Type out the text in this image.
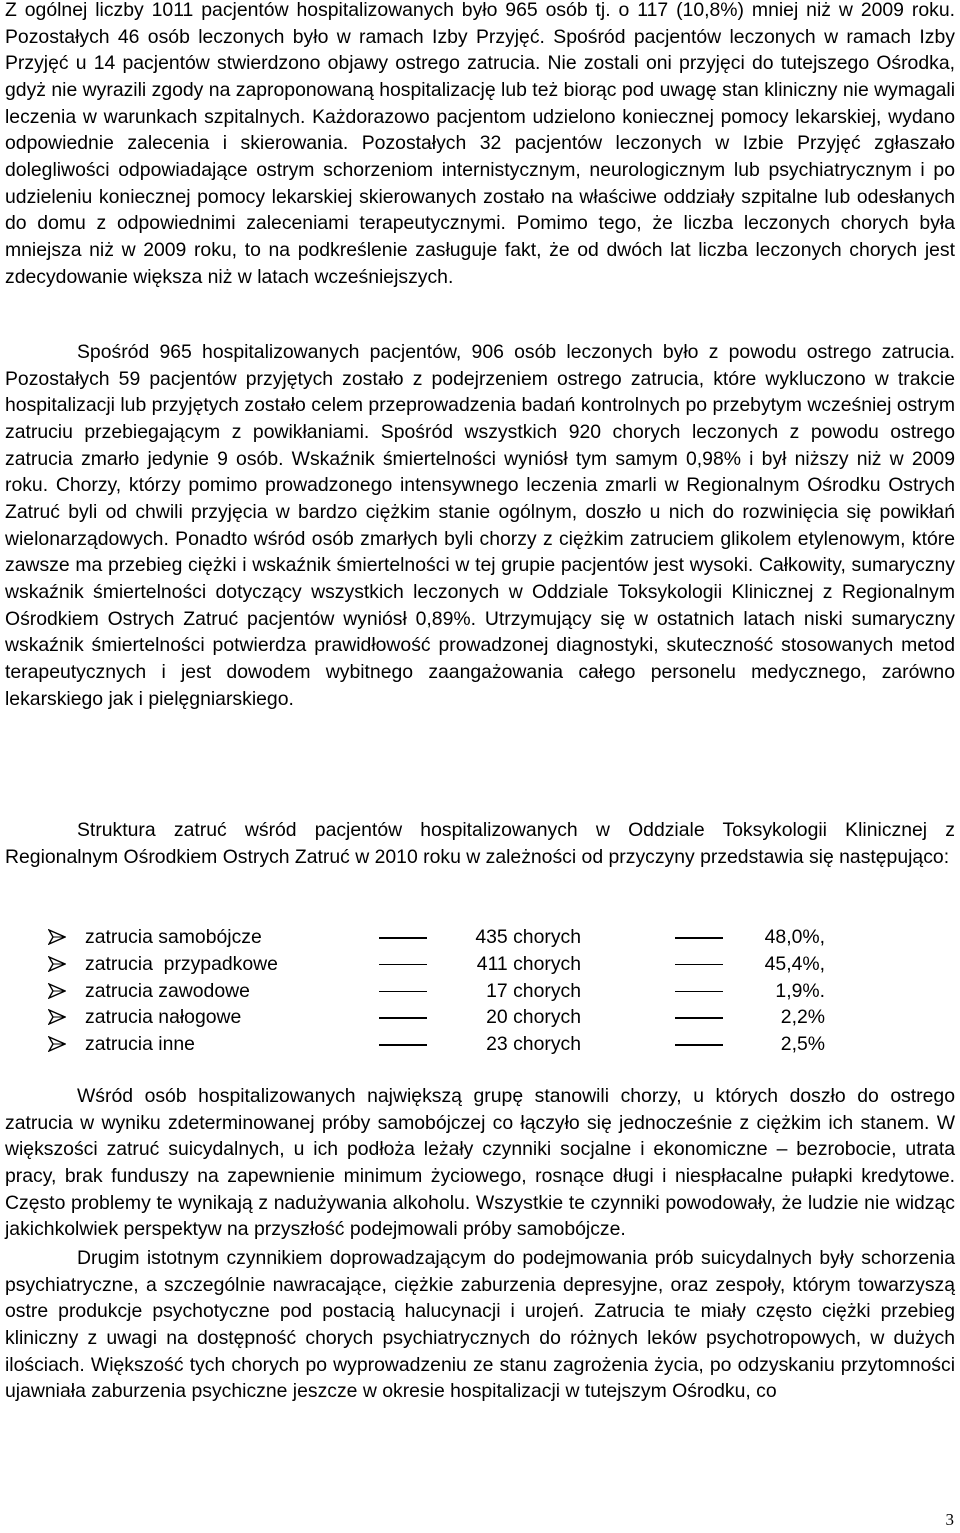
Z ogólnej liczby 1011 pacjentów hospitalizowanych było 965 osób tj. o 117 (10,8%) mniej niż w 2009 roku. Pozostałych 46 osób leczonych było w ramach Izby Przyjęć. Spośród pacjentów leczonych w ramach Izby Przyjęć u 14 pacjentów stwierdzono objawy ostrego zatrucia. Nie zostali oni przyjęci do tutejszego Ośrodka, gdyż nie wyrazili zgody na zaproponowaną hospitalizację lub też biorąc pod uwagę stan kliniczny nie wymagali leczenia w warunkach szpitalnych. Każdorazowo pacjentom udzielono koniecznej pomocy lekarskiej, wydano odpowiednie zalecenia i skierowania. Pozostałych 32 pacjentów leczonych w Izbie Przyjęć zgłaszało dolegliwości odpowiadające ostrym schorzeniom internistycznym, neurologicznym lub psychiatrycznym i po udzieleniu koniecznej pomocy lekarskiej skierowanych zostało na właściwe oddziały szpitalne lub odesłanych do domu z odpowiednimi zaleceniami terapeutycznymi. Pomimo tego, że liczba leczonych chorych była mniejsza niż w 2009 roku, to na podkreślenie zasługuje fakt, że od dwóch lat liczba leczonych chorych jest zdecydowanie większa niż w latach wcześniejszych.

Spośród 965 hospitalizowanych pacjentów, 906 osób leczonych było z powodu ostrego zatrucia. Pozostałych 59 pacjentów przyjętych zostało z podejrzeniem ostrego zatrucia, które wykluczono w trakcie hospitalizacji lub przyjętych zostało celem przeprowadzenia badań kontrolnych po przebytym wcześniej ostrym zatruciu przebiegającym z powikłaniami. Spośród wszystkich 920 chorych leczonych z powodu ostrego zatrucia zmarło jedynie 9 osób. Wskaźnik śmiertelności wyniósł tym samym 0,98% i był niższy niż w 2009 roku. Chorzy, którzy pomimo prowadzonego intensywnego leczenia zmarli w Regionalnym Ośrodku Ostrych Zatruć byli od chwili przyjęcia w bardzo ciężkim stanie ogólnym, doszło u nich do rozwinięcia się powikłań wielonarządowych. Ponadto wśród osób zmarłych byli chorzy z ciężkim zatruciem glikolem etylenowym, które zawsze ma przebieg ciężki i wskaźnik śmiertelności w tej grupie pacjentów jest wysoki. Całkowity, sumaryczny wskaźnik śmiertelności dotyczący wszystkich leczonych w Oddziale Toksykologii Klinicznej z Regionalnym Ośrodkiem Ostrych Zatruć pacjentów wyniósł 0,89%. Utrzymujący się w ostatnich latach niski sumaryczny wskaźnik śmiertelności potwierdza prawidłowość prowadzonej diagnostyki, skuteczność stosowanych metod terapeutycznych i jest dowodem wybitnego zaangażowania całego personelu medycznego, zarówno lekarskiego jak i pielęgniarskiego.

Struktura zatruć wśród pacjentów hospitalizowanych w Oddziale Toksykologii Klinicznej z Regionalnym Ośrodkiem Ostrych Zatruć w 2010 roku w zależności od przyczyny przedstawia się następująco:

zatrucia samobójcze	435 chorych	48,0%,
zatrucia  przypadkowe	411 chorych	45,4%,
zatrucia zawodowe	17 chorych	1,9%.
zatrucia nałogowe	20 chorych	2,2%
zatrucia inne	23 chorych	2,5%

Wśród osób hospitalizowanych największą grupę stanowili chorzy, u których doszło do ostrego zatrucia w wyniku zdeterminowanej próby samobójczej co łączyło się jednocześnie z ciężkim ich stanem. W większości zatruć suicydalnych, u ich podłoża leżały czynniki socjalne i ekonomiczne – bezrobocie, utrata pracy, brak funduszy na zapewnienie minimum życiowego, rosnące długi i niespłacalne pułapki kredytowe. Często problemy te wynikają z nadużywania alkoholu. Wszystkie te czynniki powodowały, że ludzie nie widząc jakichkolwiek perspektyw na przyszłość podejmowali próby samobójcze.

Drugim istotnym czynnikiem doprowadzającym do podejmowania prób suicydalnych były schorzenia psychiatryczne, a szczególnie nawracające, ciężkie zaburzenia depresyjne, oraz zespoły, którym towarzyszą ostre produkcje psychotyczne pod postacią halucynacji i urojeń. Zatrucia te miały często ciężki przebieg kliniczny z uwagi na dostępność chorych psychiatrycznych do różnych leków psychotropowych, w dużych ilościach. Większość tych chorych po wyprowadzeniu ze stanu zagrożenia życia, po odzyskaniu przytomności ujawniała zaburzenia psychiczne jeszcze w okresie hospitalizacji w tutejszym Ośrodku, co

3
